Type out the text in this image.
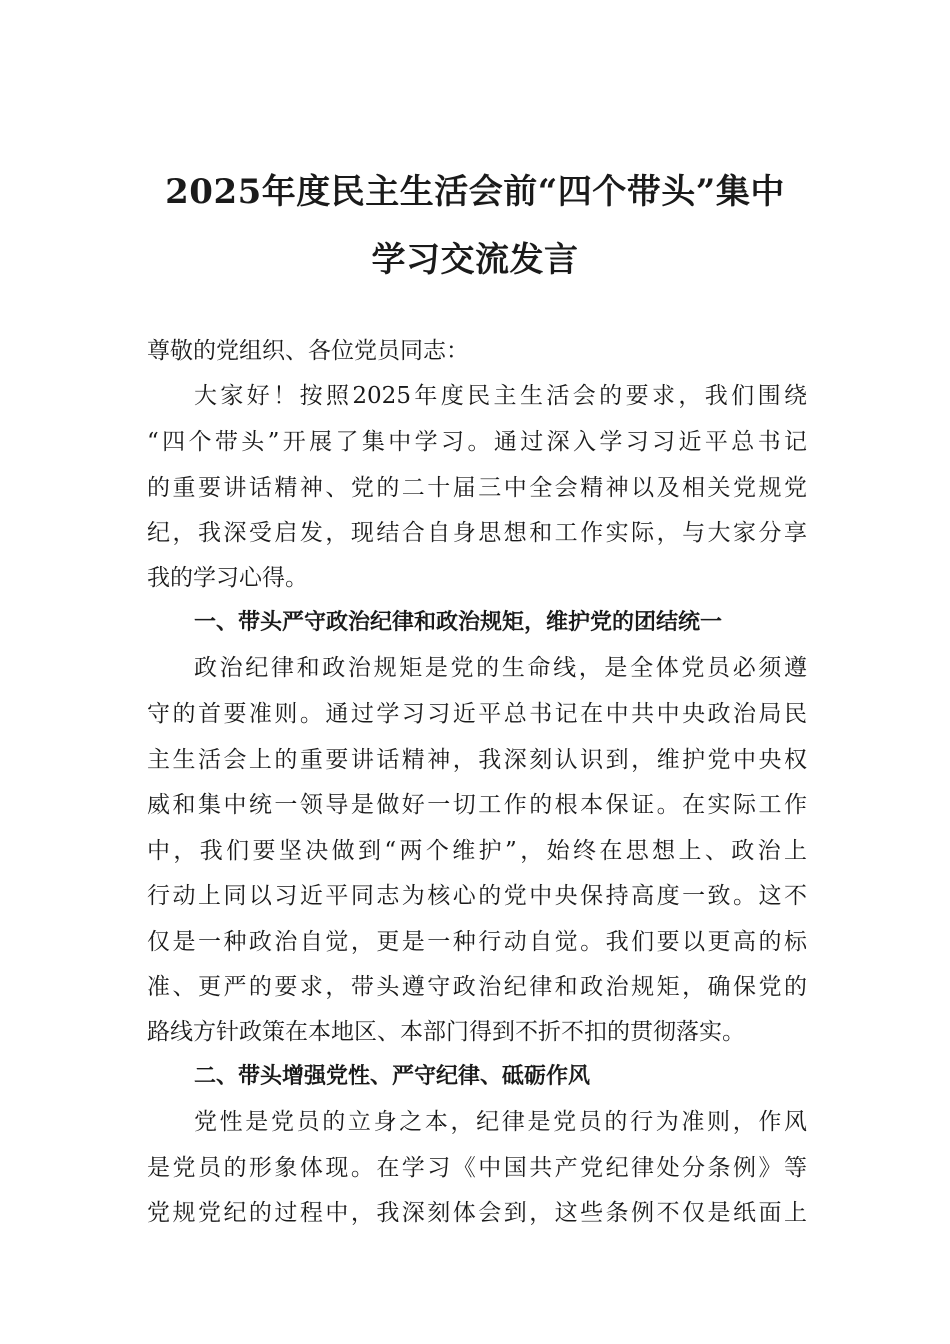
2025年度民主生活会前“四个带头”集中
学习交流发言
尊敬的党组织、各位党员同志：
大家好！按照2025年度民主生活会的要求，我们围绕
“四个带头”开展了集中学习。通过深入学习习近平总书记
的重要讲话精神、党的二十届三中全会精神以及相关党规党
纪，我深受启发，现结合自身思想和工作实际，与大家分享
我的学习心得。
一、带头严守政治纪律和政治规矩，维护党的团结统一
政治纪律和政治规矩是党的生命线，是全体党员必须遵
守的首要准则。通过学习习近平总书记在中共中央政治局民
主生活会上的重要讲话精神，我深刻认识到，维护党中央权
威和集中统一领导是做好一切工作的根本保证。在实际工作
中，我们要坚决做到“两个维护”，始终在思想上、政治上
行动上同以习近平同志为核心的党中央保持高度一致。这不
仅是一种政治自觉，更是一种行动自觉。我们要以更高的标
准、更严的要求，带头遵守政治纪律和政治规矩，确保党的
路线方针政策在本地区、本部门得到不折不扣的贯彻落实。
二、带头增强党性、严守纪律、砥砺作风
党性是党员的立身之本，纪律是党员的行为准则，作风
是党员的形象体现。在学习《中国共产党纪律处分条例》等
党规党纪的过程中，我深刻体会到，这些条例不仅是纸面上
